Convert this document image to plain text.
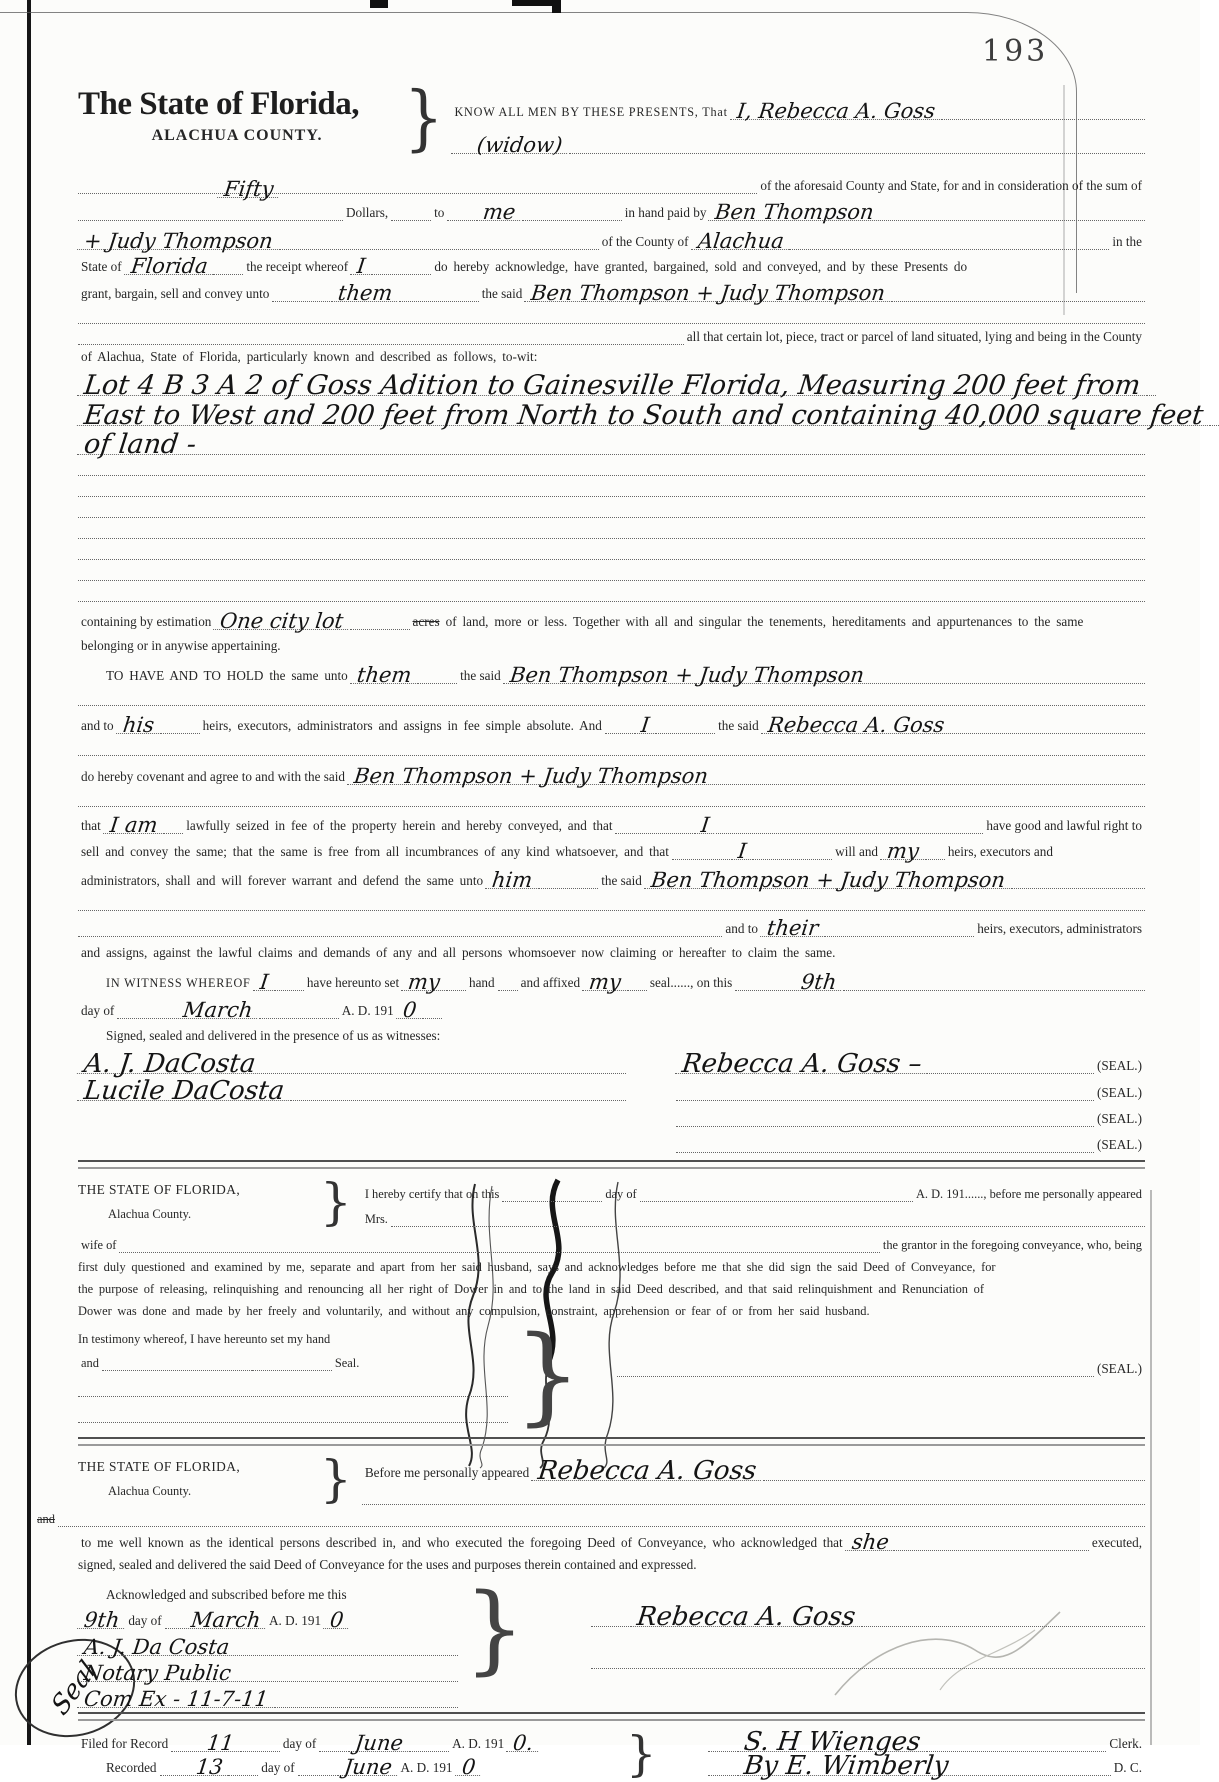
193
Seal
The State of Florida,
ALACHUA COUNTY.
}
KNOW ALL MEN BY THESE PRESENTS, That I, Rebecca A. Goss
(widow)
Fifty	of the aforesaid County and State, for and in consideration of the sum of
Dollars,	to me	in hand paid by Ben Thompson
+ Judy Thompson	of the County of Alachua	in the
State of Florida	the receipt whereof I	do hereby acknowledge, have granted, bargained, sold and conveyed, and by these Presents do
grant, bargain, sell and convey unto	them	the said Ben Thompson + Judy Thompson
all that certain lot, piece, tract or parcel of land situated, lying and being in the County
of Alachua, State of Florida, particularly known and described as follows, to-wit:
Lot 4 B 3 A 2 of Goss Adition to Gainesville Florida, Measuring 200 feet from
East to West and 200 feet from North to South and containing 40,000 square feet
of land -
containing by estimation One city lot	acres of land, more or less. Together with all and singular the tenements, hereditaments and appurtenances to the same
belonging or in anywise appertaining.
TO HAVE AND TO HOLD the same unto them	the said Ben Thompson + Judy Thompson
and to his	heirs, executors, administrators and assigns in fee simple absolute. And I	the said Rebecca A. Goss
do hereby covenant and agree to and with the said Ben Thompson + Judy Thompson
that I am	lawfully seized in fee of the property herein and hereby conveyed, and that	I	have good and lawful right to
sell and convey the same; that the same is free from all incumbrances of any kind whatsoever, and that	I	will and my	heirs, executors and
administrators, shall and will forever warrant and defend the same unto him	the said Ben Thompson + Judy Thompson
and to their	heirs, executors, administrators
and assigns, against the lawful claims and demands of any and all persons whomsoever now claiming or hereafter to claim the same.
IN WITNESS WHEREOF I	have hereunto set my	hand and affixed my	seal......, on this	9th
day of	March	A. D. 191 0
Signed, sealed and delivered in the presence of us as witnesses:
A. J. DaCosta	Rebecca A. Goss –	(SEAL.)
Lucile DaCosta	(SEAL.)
(SEAL.)
(SEAL.)
THE STATE OF FLORIDA,
Alachua County.
}
I hereby certify that on this	day of	A. D. 191......, before me personally appeared
Mrs.
wife of	the grantor in the foregoing conveyance, who, being
first duly questioned and examined by me, separate and apart from her said husband, says and acknowledges before me that she did sign the said Deed of Conveyance, for
the purpose of releasing, relinquishing and renouncing all her right of Dower in and to the land in said Deed described, and that said relinquishment and Renunciation of
Dower was done and made by her freely and voluntarily, and without any compulsion, constraint, apprehension or fear of or from her said husband.
In testimony whereof, I have hereunto set my hand
and	Seal. }	(SEAL.)
THE STATE OF FLORIDA,
Alachua County.
}
Before me personally appeared Rebecca A. Goss
and
to me well known as the identical persons described in, and who executed the foregoing Deed of Conveyance, who acknowledged that she	executed,
signed, sealed and delivered the said Deed of Conveyance for the uses and purposes therein contained and expressed.
Acknowledged and subscribed before me this
9th day of March A. D. 191 0
A. J. Da Costa
Notary Public
Com Ex - 11-7-11
}
Rebecca A. Goss
}
Filed for Record 11	day of June	A. D. 191 0.	S. H Wienges	Clerk.
Recorded 13	day of June A. D. 191 0	By E. Wimberly	D. C.
